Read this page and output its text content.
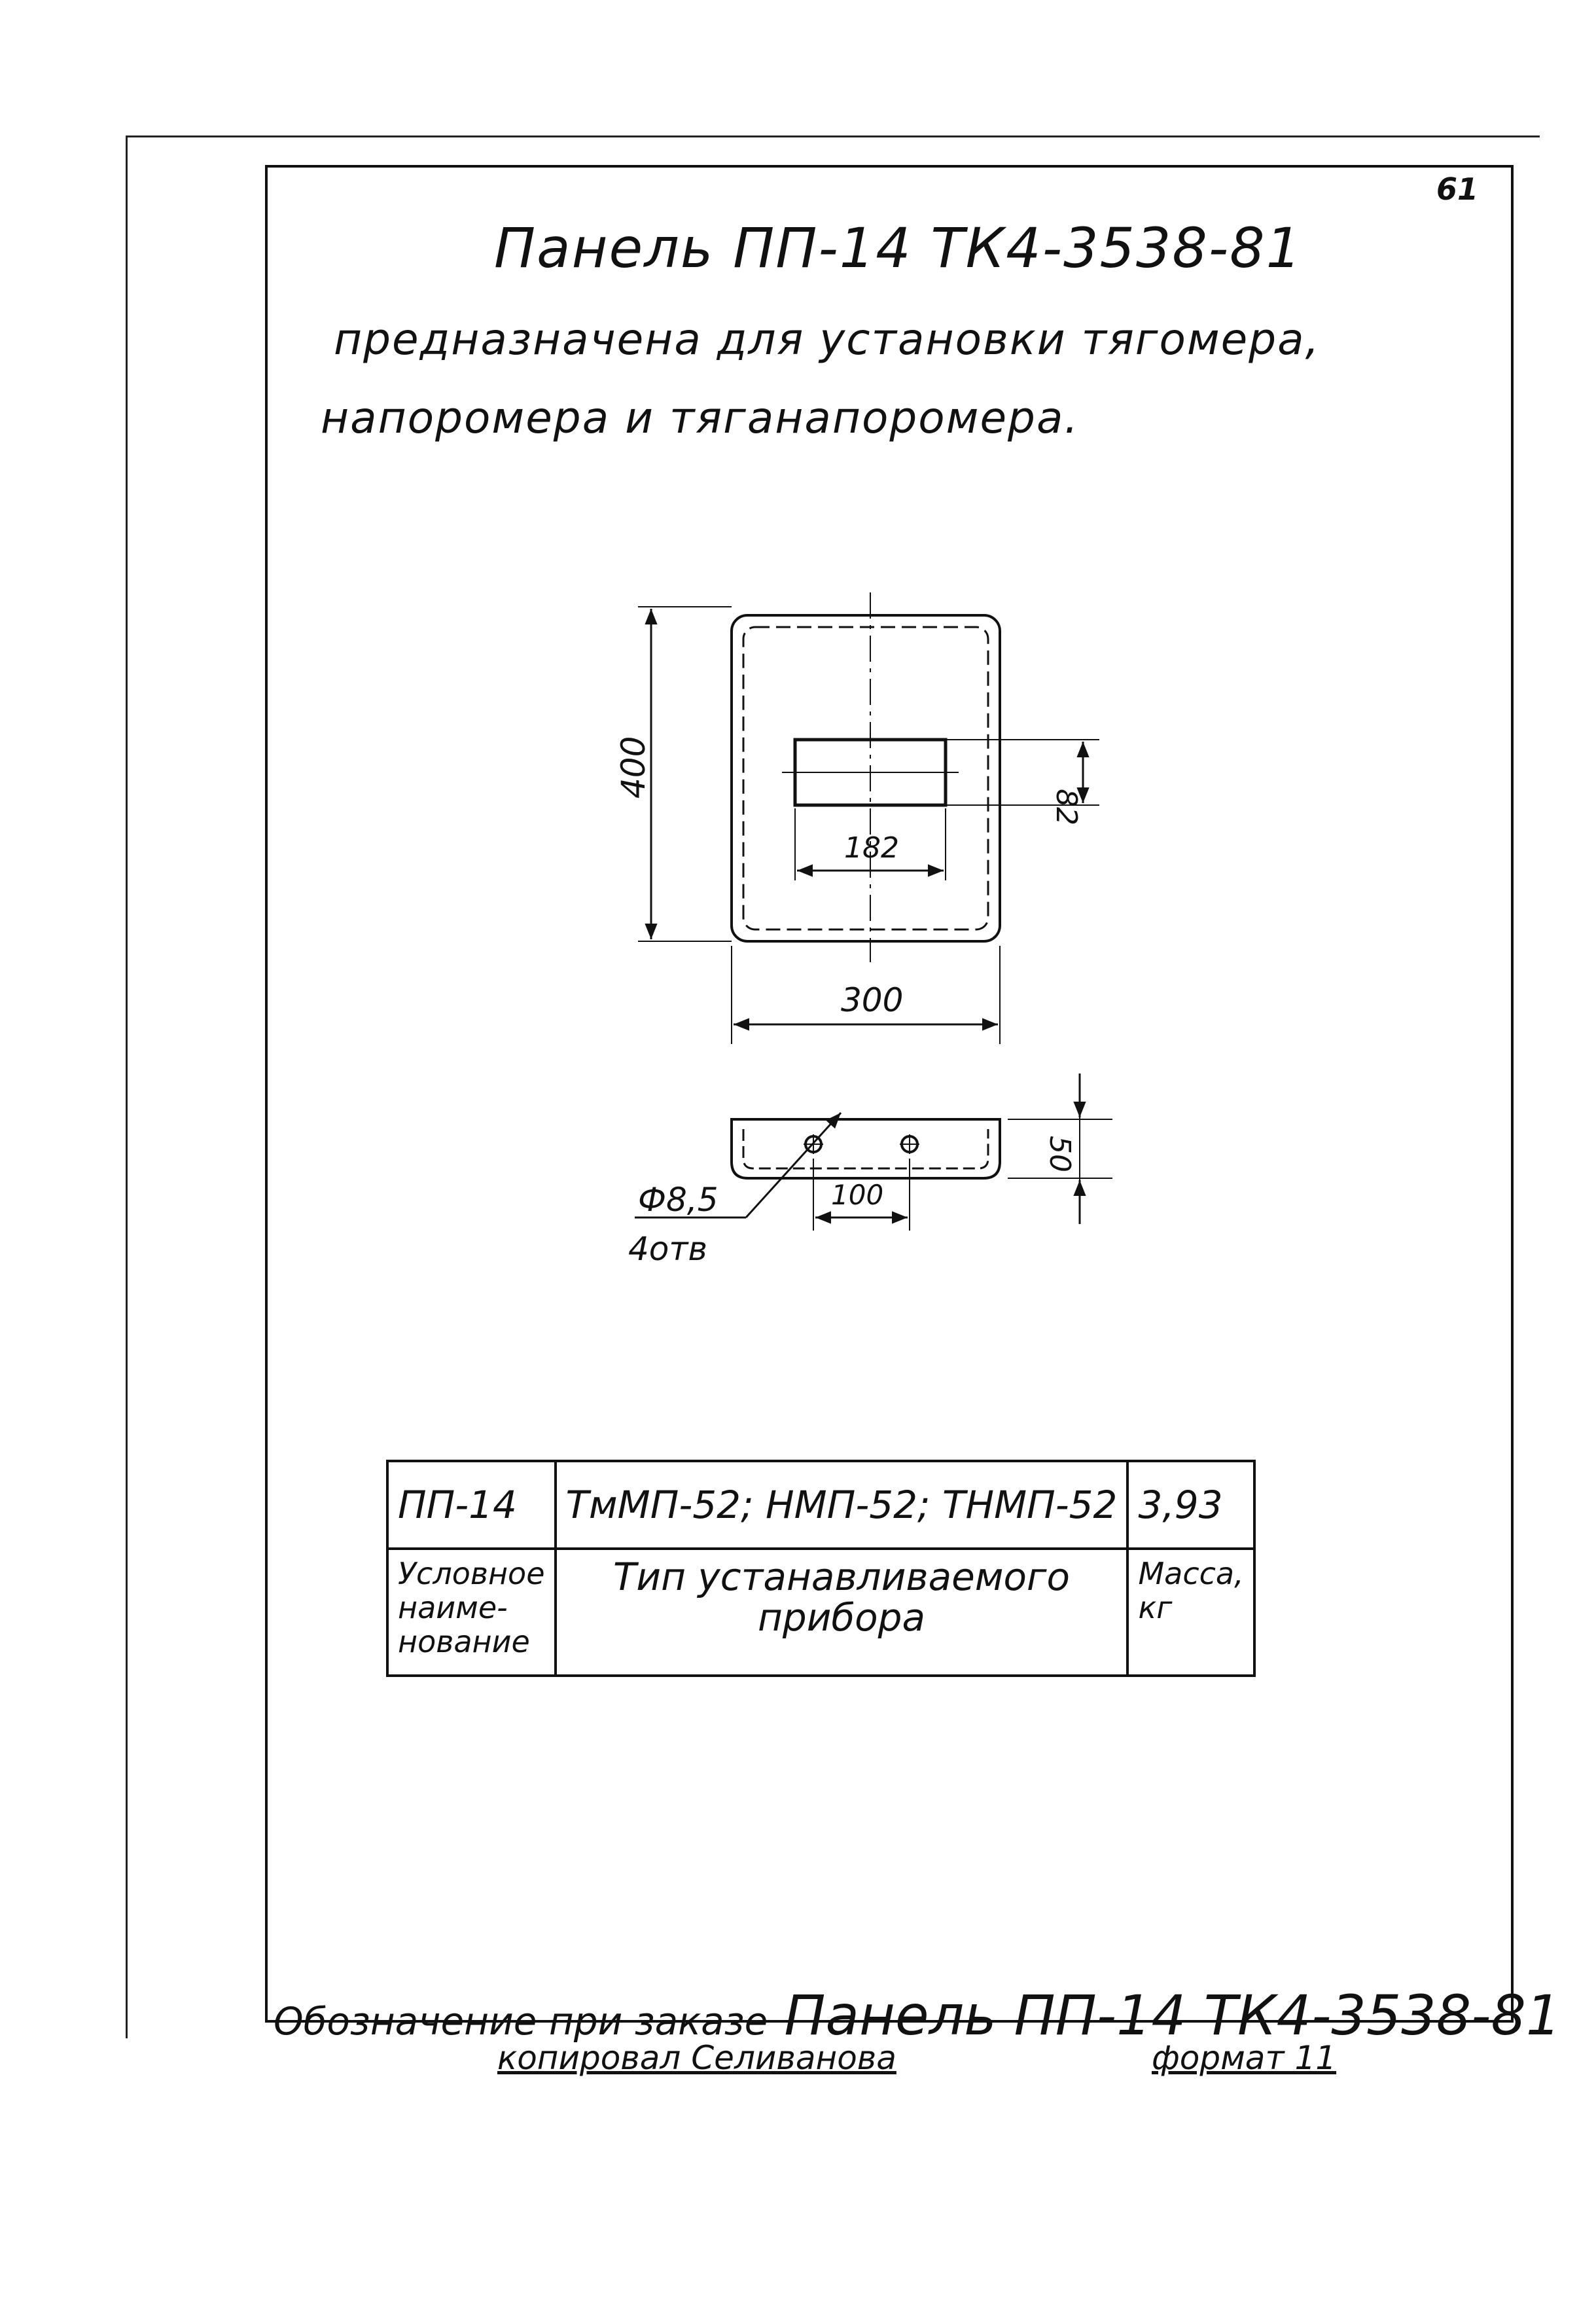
61
Панель ПП-14 ТК4-3538-81
предназначена для установки тягомера,
напоромера и тяганапоромера.
400
82
182
300
50
100
Ф8,5
4отв
ПП-14	ТмМП-52; НМП-52; ТНМП-52	3,93
Условное наиме-нование	Тип устанавливаемого прибора	Масса, кг
Обозначение при заказе Панель ПП-14 ТК4-3538-81
копировал Селиванова	формат 11
